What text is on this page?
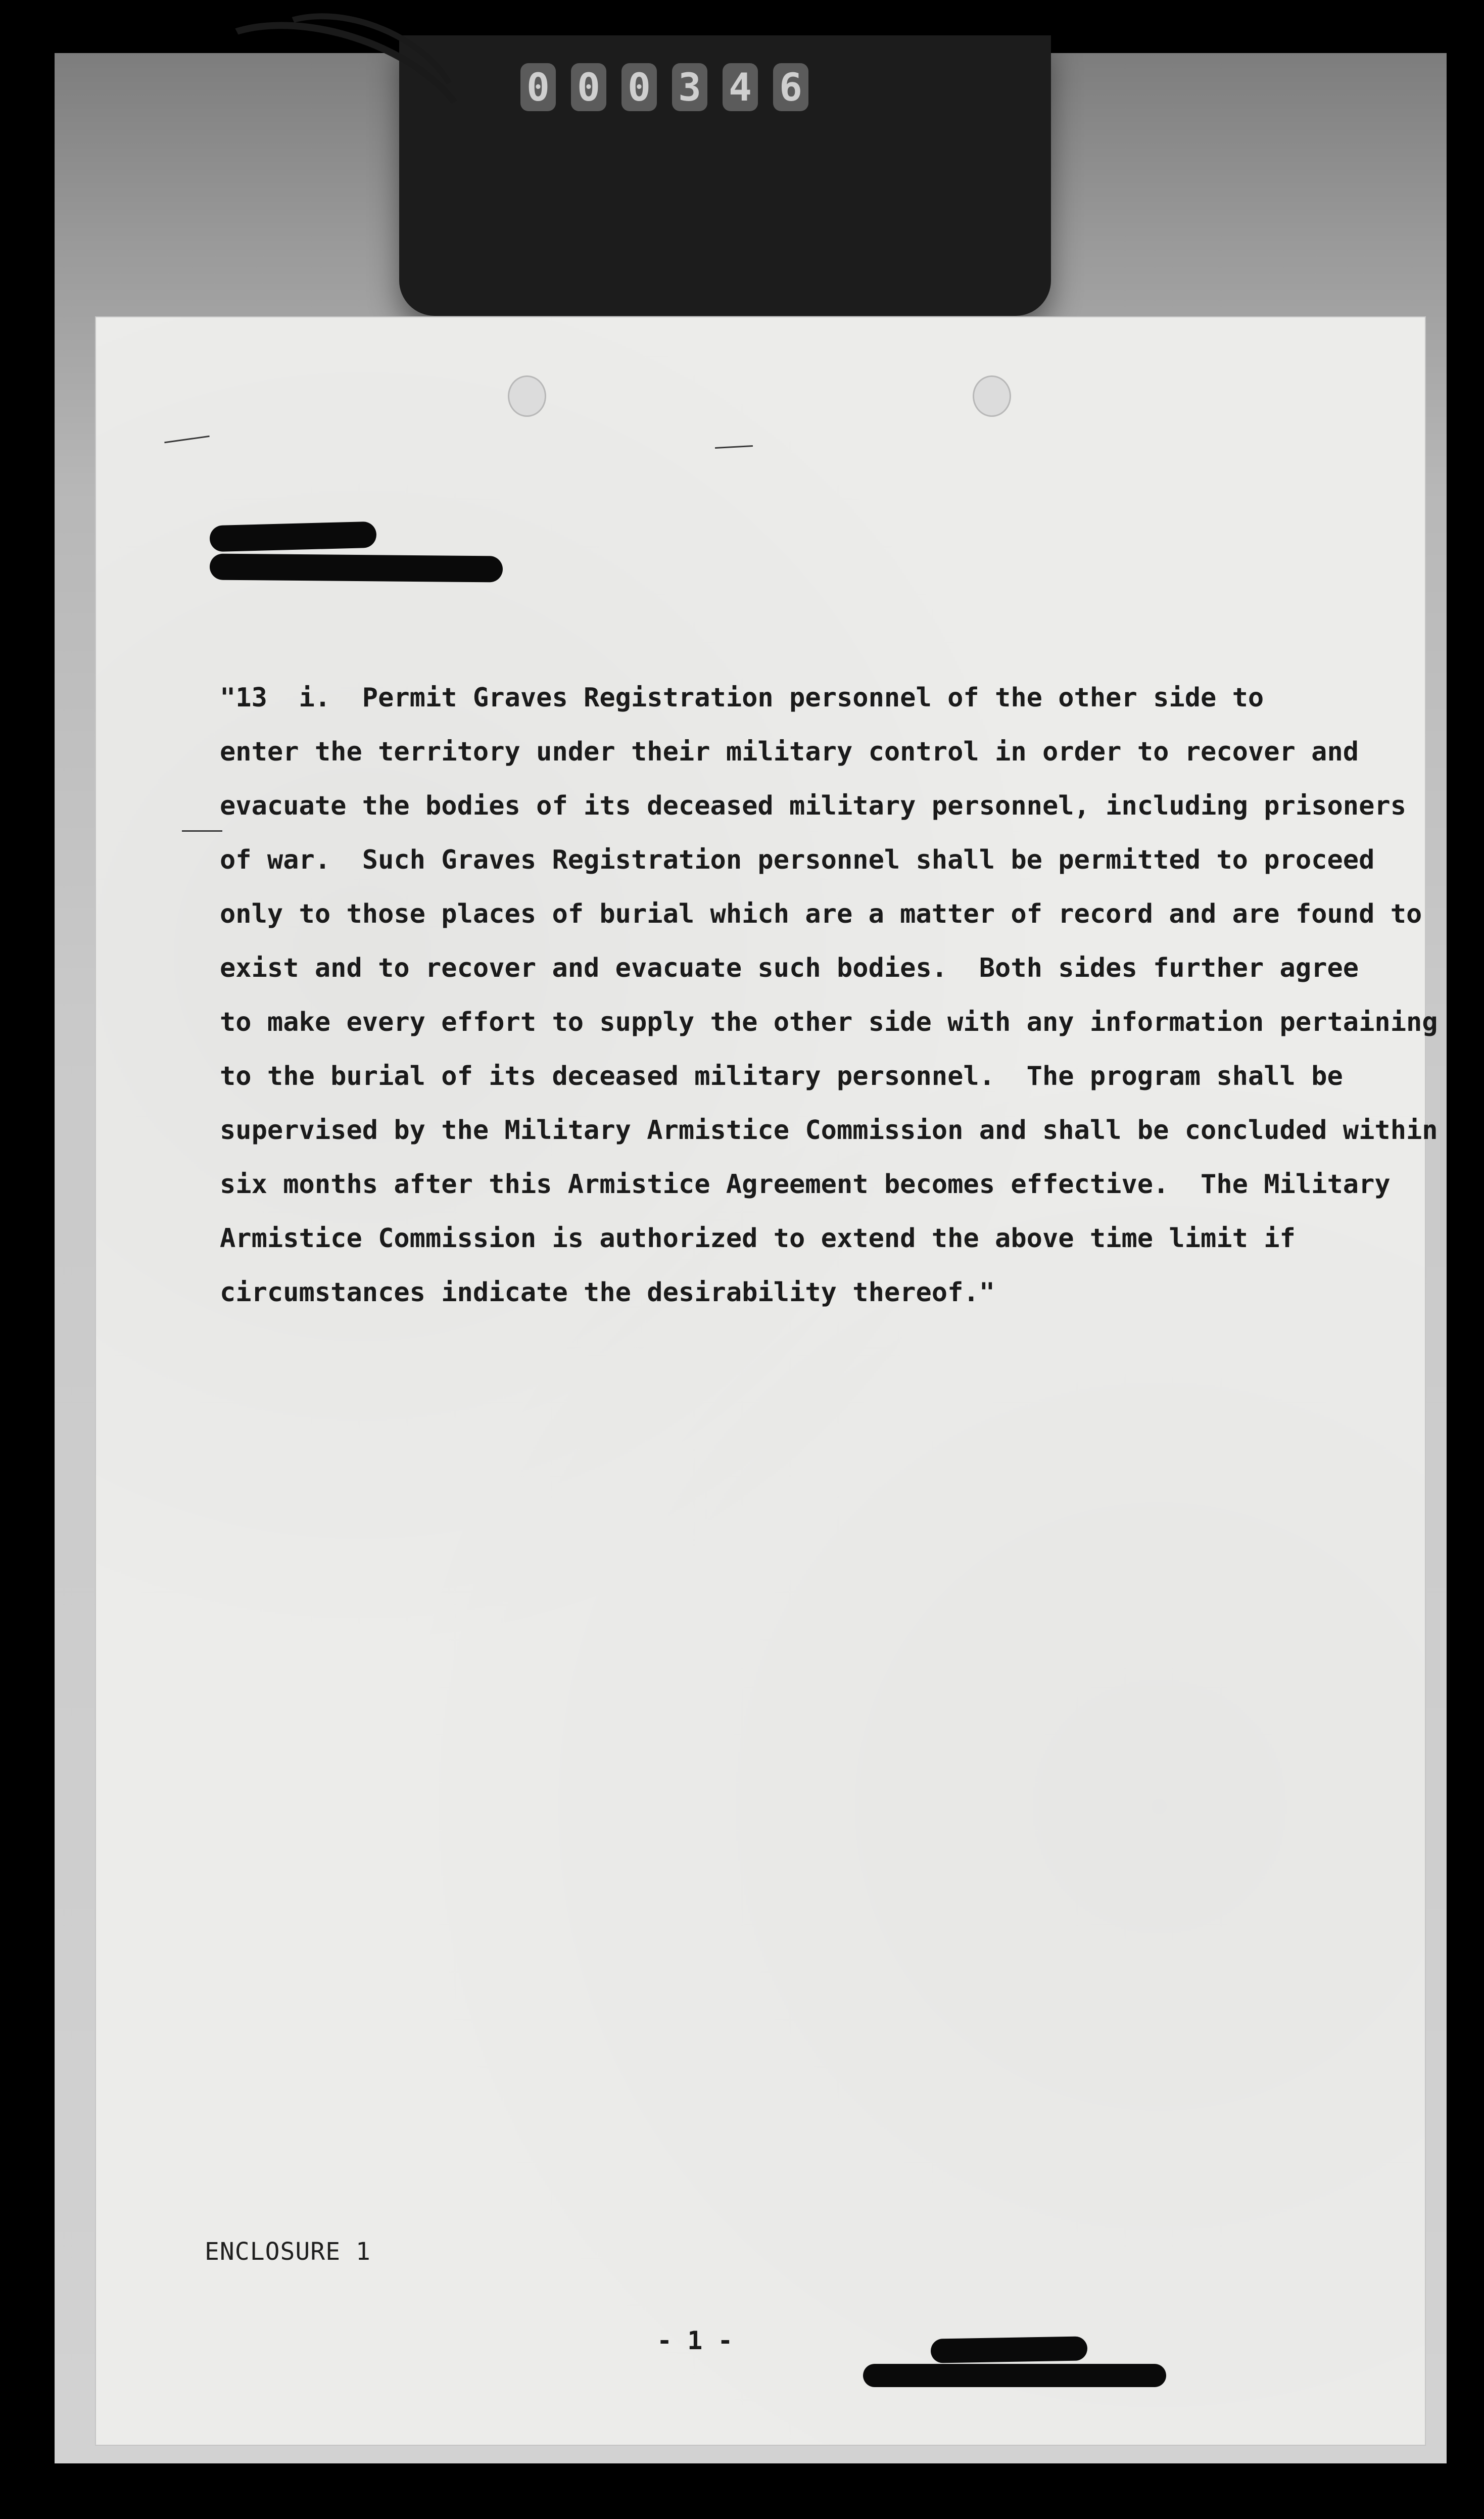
0 0 0 3 4 6
"13  i.  Permit Graves Registration personnel of the other side to
enter the territory under their military control in order to recover and
evacuate the bodies of its deceased military personnel, including prisoners
of war.  Such Graves Registration personnel shall be permitted to proceed
only to those places of burial which are a matter of record and are found to
exist and to recover and evacuate such bodies.  Both sides further agree
to make every effort to supply the other side with any information pertaining
to the burial of its deceased military personnel.  The program shall be
supervised by the Military Armistice Commission and shall be concluded within
six months after this Armistice Agreement becomes effective.  The Military
Armistice Commission is authorized to extend the above time limit if
circumstances indicate the desirability thereof."
ENCLOSURE 1
- 1 -
